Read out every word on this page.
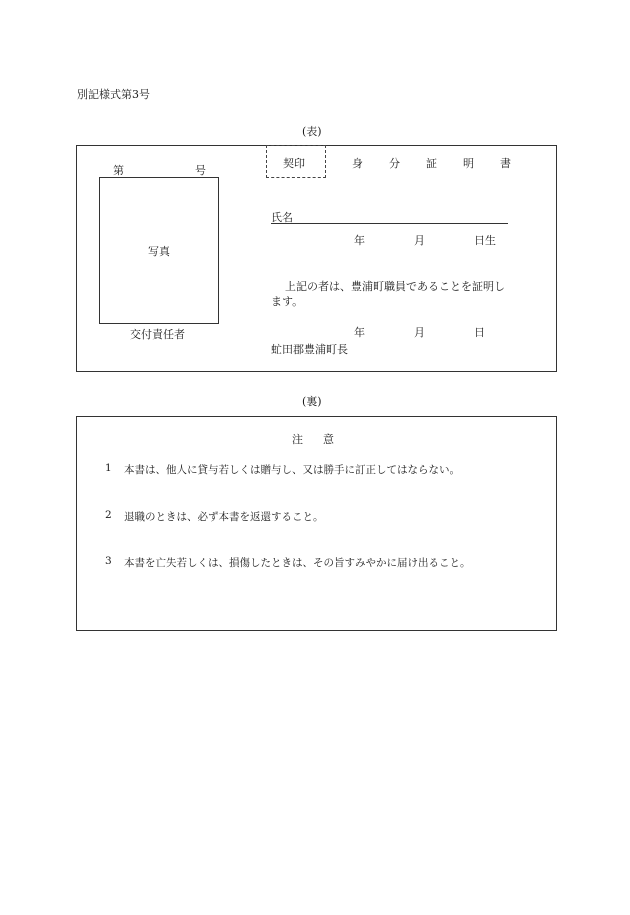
別記様式第3号
(表)
第	号
写真
交付責任者
契印	身分証明書
氏名
年	月	日生
上記の者は、豊浦町職員であることを証明し
ます。
年	月	日
虻田郡豊浦町長
(裏)
注意
1 本書は、他人に貸与若しくは贈与し、又は勝手に訂正してはならない。
2 退職のときは、必ず本書を返還すること。
3 本書を亡失若しくは、損傷したときは、その旨すみやかに届け出ること。
